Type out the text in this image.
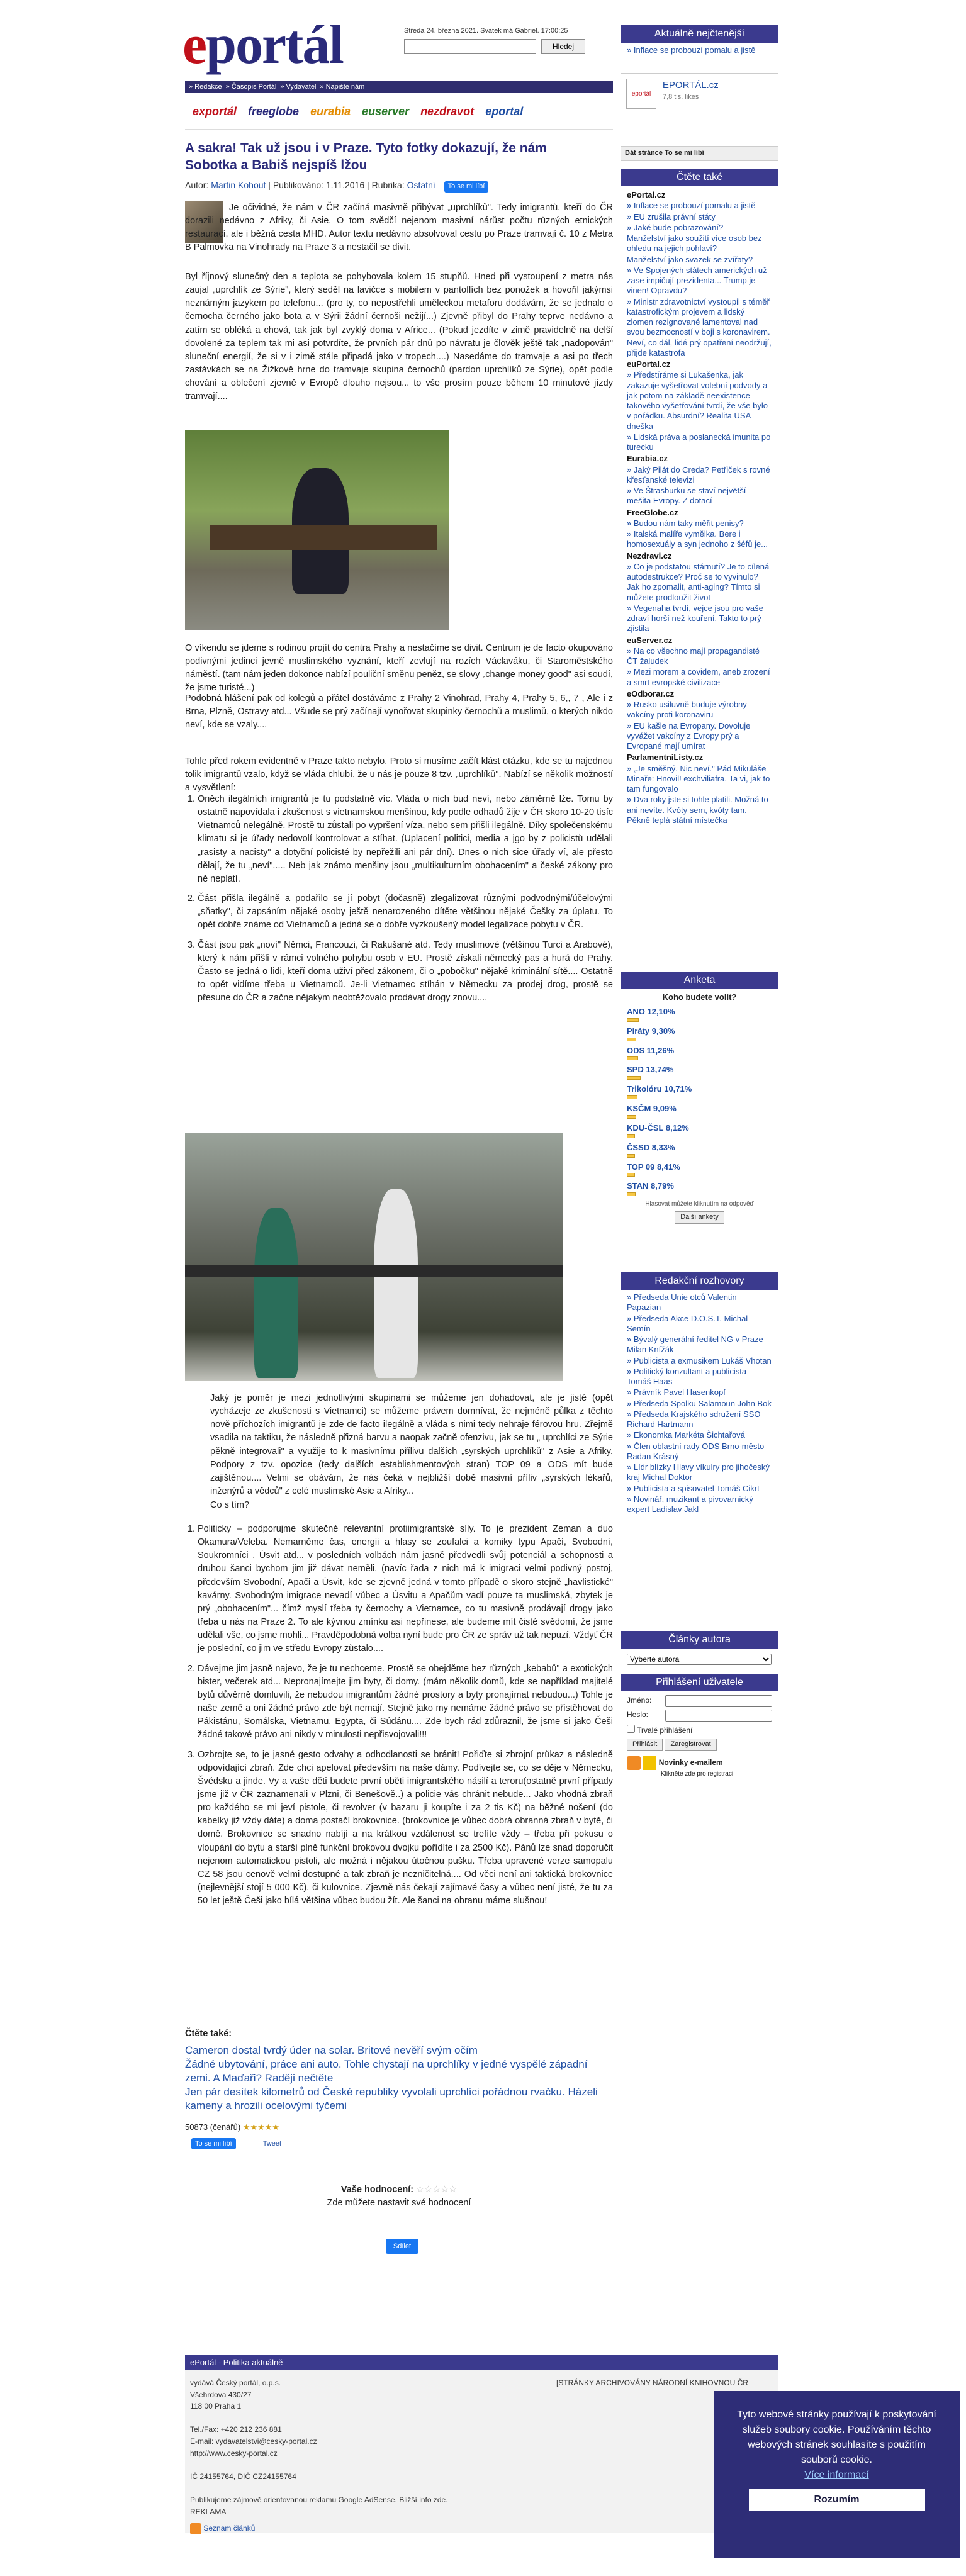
eportál	Středa 24. března 2021. Svátek má Gabriel. 17:00:25
Hledej
» Redakce » Časopis Portál » Vydavatel » Napište nám
exportál freeglobe eurabia euserver nezdravot eportal
A sakra! Tak už jsou i v Praze. Tyto fotky dokazují, že nám Sobotka a Babiš nejspíš lžou
Autor: Martin Kohout | Publikováno: 1.11.2016 | Rubrika: Ostatní To se mi líbí
Je očividné, že nám v ČR začíná masivně přibývat „uprchlíků". Tedy imigrantů, kteří do ČR dorazili nedávno z Afriky, či Asie. O tom svědčí nejenom masivní nárůst počtu různých etnických restaurací, ale i běžná cesta MHD. Autor textu nedávno absolvoval cestu po Praze tramvají č. 10 z Metra B Palmovka na Vinohrady na Praze 3 a nestačil se divit.
Byl říjnový slunečný den a teplota se pohybovala kolem 15 stupňů. Hned při vystoupení z metra nás zaujal „uprchlík ze Sýrie", který seděl na lavičce s mobilem v pantoflích bez ponožek a hovořil jakýmsi neznámým jazykem po telefonu... (pro ty, co nepostřehli uměleckou metaforu dodávám, že se jednalo o černocha černého jako bota a v Sýrii žádní černoši nežijí...) Zjevně přibyl do Prahy teprve nedávno a zatím se obléká a chová, tak jak byl zvyklý doma v Africe... (Pokud jezdíte v zimě pravidelně na delší dovolené za teplem tak mi asi potvrdíte, že prvních pár dnů po návratu je člověk ještě tak „nadopován" sluneční energií, že si v i zimě stále připadá jako v tropech....) Nasedáme do tramvaje a asi po třech zastávkách se na Žižkově hrne do tramvaje skupina černochů (pardon uprchlíků ze Sýrie), opět podle chování a oblečení zjevně v Evropě dlouho nejsou... to vše prosím pouze během 10 minutové jízdy tramvají....
O víkendu se jdeme s rodinou projít do centra Prahy a nestačíme se divit. Centrum je de facto okupováno podivnými jedinci jevně muslimského vyznání, kteří zevlují na rozích Václaváku, či Staroměstského náměstí. (tam nám jeden dokonce nabízí pouliční směnu peněz, se slovy „change money good" asi soudí, že jsme turisté...)
Podobná hlášení pak od kolegů a přátel dostáváme z Prahy 2 Vinohrad, Prahy 4, Prahy 5, 6,, 7 , Ale i z Brna, Plzně, Ostravy atd... Všude se prý začínají vynořovat skupinky černochů a muslimů, o kterých nikdo neví, kde se vzaly....
Tohle před rokem evidentně v Praze takto nebylo. Proto si musíme začít klást otázku, kde se tu najednou tolik imigrantů vzalo, když se vláda chlubí, že u nás je pouze 8 tzv. „uprchlíků". Nabízí se několik možností a vysvětlení:
1. Oněch ilegálních imigrantů je tu podstatně víc. Vláda o nich bud neví, nebo záměrně lže. Tomu by ostatně napovídala i zkušenost s vietnamskou menšinou, kdy podle odhadů žije v ČR skoro 10-20 tisíc Vietnamců nelegálně. Prostě tu zůstali po vypršení víza, nebo sem přišli ilegálně. Díky společenskému klimatu si je úřady nedovolí kontrolovat a stíhat. (Uplacení politici, media a jgo by z policistů udělali „rasisty a nacisty" a dotyční policisté by nepřežili ani pár dní). Dnes o nich sice úřady ví, ale přesto dělají, že tu „neví"..... Neb jak známo menšiny jsou „multikulturním obohacením" a české zákony pro ně neplatí.
2. Část přišla ilegálně a podařilo se jí pobyt (dočasně) zlegalizovat různými podvodnými/účelovými „sňatky", či zapsáním nějaké osoby ještě nenarozeného dítěte většinou nějaké Češky za úplatu. To opět dobře známe od Vietnamců a jedná se o dobře vyzkoušený model legalizace pobytu v ČR.
3. Část jsou pak „noví" Němci, Francouzi, či Rakušané atd. Tedy muslimové (většinou Turci a Arabové), který k nám přišli v rámci volného pohybu osob v EU. Prostě získali německý pas a hurá do Prahy. Často se jedná o lidi, kteří doma uživí před zákonem, či o „pobočku" nějaké kriminální sítě.... Ostatně to opět vidíme třeba u Vietnamců. Je-li Vietnamec stíhán v Německu za prodej drog, prostě se přesune do ČR a začne nějakým neobtěžovalo prodávat drogy znovu....
Jaký je poměr je mezi jednotlivými skupinami se můžeme jen dohadovat, ale je jisté (opět vycházeje ze zkušenosti s Vietnamci) se můžeme právem domnívat, že nejméně půlka z těchto nově příchozích imigrantů je zde de facto ilegálně a vláda s nimi tedy nehraje férovou hru. Zřejmě vsadila na taktiku, že následně přizná barvu a naopak začně ofenzivu, jak se tu „ uprchlíci ze Sýrie pěkně integrovali" a využije to k masivnímu přílivu dalších „syrských uprchlíků" z Asie a Afriky. Podpory z tzv. opozice (tedy dalších establishmentových stran) TOP 09 a ODS mít bude zajištěnou.... Velmi se obávám, že nás čeká v nejbližší době masivní příliv „syrských lékařů, inženýrů a vědců" z celé muslimské Asie a Afriky...
Co s tím?
1. Politicky – podporujme skutečné relevantní protiimigrantské síly. To je prezident Zeman a duo Okamura/Veleba. Nemarněme čas, energii a hlasy se zoufalci a komiky typu Apačí, Svobodní, Soukromníci , Úsvit atd... v posledních volbách nám jasně předvedli svůj potenciál a schopnosti a druhou šanci bychom jim již dávat neměli. (navíc řada z nich má k imigraci velmi podivný postoj, především Svobodní, Apači a Úsvit, kde se zjevně jedná v tomto případě o skoro stejně „havlistické" kavárny. Svobodným imigrace nevadí vůbec a Úsvitu a Apačům vadí pouze ta muslimská, zbytek je prý „obohacením"... čímž myslí třeba ty černochy a Vietnamce, co tu masivně prodávají drogy jako třeba u nás na Praze 2. To ale kývnou zmínku asi nepřinese, ale budeme mít čisté svědomí, že jsme udělali vše, co jsme mohli... Pravděpodobná volba nyní bude pro ČR ze správ už tak nepuzí. Vždyť ČR je poslední, co jim ve středu Evropy zůstalo....
2. Dávejme jim jasně najevo, že je tu nechceme. Prostě se obejděme bez různých „kebabů" a exotických bister, večerek atd... Nepronajímejte jim byty, či domy. (mám několik domů, kde se například majitelé bytů důvěrně domluvili, že nebudou imigrantům žádné prostory a byty pronajímat nebudou...) Tohle je naše země a oni žádné právo zde být nemají. Stejně jako my nemáme žádné právo se přistěhovat do Pákistánu, Somálska, Vietnamu, Egypta, či Súdánu.... Zde bych rád zdůraznil, že jsme si jako Češi žádné takové právo ani nikdy v minulosti nepřisvojovali!!!
3. Ozbrojte se, to je jasné gesto odvahy a odhodlanosti se bránit! Pořiďte si zbrojní průkaz a následně odpovídající zbraň. Zde chci apelovat především na naše dámy. Podívejte se, co se děje v Německu, Švédsku a jinde. Vy a vaše děti budete první oběti imigrantského násilí a teroru(ostatně první případy jsme již v ČR zaznamenali v Plzni, či Benešově..) a policie vás chránit nebude... Jako vhodná zbraň pro každého se mi jeví pistole, či revolver (v bazaru ji koupíte i za 2 tis Kč) na běžné nošení (do kabelky již vždy dáte) a doma postačí brokovnice. (brokovnice je vůbec dobrá obranná zbraň v bytě, či domě. Brokovnice se snadno nabíjí a na krátkou vzdálenost se trefíte vždy – třeba při pokusu o vloupání do bytu a starší plně funkční brokovou dvojku pořídíte i za 2500 Kč). Pánů lze snad doporučit nejenom automatickou pistoli, ale možná i nějakou útočnou pušku. Třeba upravené verze samopalu CZ 58 jsou cenově velmi dostupné a tak zbraň je nezničitelná.... Od věci není ani taktická brokovnice (nejlevnější stojí 5 000 Kč), či kulovnice. Zjevně nás čekají zajímavé časy a vůbec není jisté, že tu za 50 let ještě Češi jako bílá většina vůbec budou žít. Ale šanci na obranu máme slušnou!
Čtěte také:
Cameron dostal tvrdý úder na solar. Britové nevěří svým očím
Žádné ubytování, práce ani auto. Tohle chystají na uprchlíky v jedné vyspělé západní zemi. A Maďaři? Raději nečtěte
Jen pár desítek kilometrů od České republiky vyvolali uprchlíci pořádnou rvačku. Házeli kameny a hrozili ocelovými tyčemi
50873 (čenářů) ★★★★★
To se mi líbí	Tweet
Vaše hodnocení: ☆☆☆☆☆
Zde můžete nastavit své hodnocení
Sdílet
Aktuálně nejčtenější
» Inflace se probouzí pomalu a jistě
eportál
EPORTÁL.cz
7,8 tis. likes
Dát stránce To se mi líbí
Čtěte také
ePortal.cz
» Inflace se probouzí pomalu a jistě
» EU zrušila právní státy
» Jaké bude pobrazování?
Manželství jako soužití více osob bez ohledu na jejich pohlaví?
Manželství jako svazek se zvířaty?
» Ve Spojených státech amerických už zase impičují prezidenta... Trump je vinen! Opravdu?
» Ministr zdravotnictví vystoupil s téměř katastrofickým projevem a lidský zlomen rezignované lamentoval nad svou bezmocností v boji s koronavirem. Neví, co dál, lidé prý opatření neodržují, přijde katastrofa
euPortal.cz
» Předstíráme si Lukašenka, jak zakazuje vyšetřovat volební podvody a jak potom na základě neexistence takového vyšetřování tvrdí, že vše bylo v pořádku. Absurdní? Realita USA dneška
» Lidská práva a poslanecká imunita po turecku
Eurabia.cz
» Jaký Pilát do Creda? Petřiček s rovné křesťanské televizi
» Ve Štrasburku se staví největší mešita Evropy. Z dotací
FreeGlobe.cz
» Budou nám taky měřit penisy?
» Italská malíře vymělka. Bere i homosexuály a syn jednoho z šéfů je...
Nezdravi.cz
» Co je podstatou stárnutí? Je to cílená autodestrukce? Proč se to vyvinulo? Jak ho zpomalit, anti-aging? Tímto si můžete prodloužit život
» Vegenaha tvrdí, vejce jsou pro vaše zdraví horší než kouření. Takto to prý zjistila
euServer.cz
» Na co všechno mají propagandisté ČT žaludek
» Mezi morem a covidem, aneb zrození a smrt evropské civilizace
eOdborar.cz
» Rusko usiluvně buduje výrobny vakcíny proti koronaviru
» EU kašle na Evropany. Dovoluje vyvážet vakcíny z Evropy prý a Evropané mají umírat
ParlamentniListy.cz
» „Je směšný. Nic neví." Pád Mikuláše Minaře: Hnovil! exchviliafra. Ta vi, jak to tam fungovalo
» Dva roky jste si tohle platili. Možná to ani nevíte. Kvóty sem, kvóty tam. Pěkně teplá státní místečka
Anketa
Koho budete volit?
ANO 12,10%
Piráty 9,30%
ODS 11,26%
SPD 13,74%
Trikolóru 10,71%
KSČM 9,09%
KDU-ČSL 8,12%
ČSSD 8,33%
TOP 09 8,41%
STAN 8,79%
Hlasovat můžete kliknutím na odpověď
Další ankety
Redakční rozhovory
» Předseda Unie otců Valentin Papazian
» Předseda Akce D.O.S.T. Michal Semín
» Bývalý generální ředitel NG v Praze Milan Knížák
» Publicista a exmusikem Lukáš Vhotan
» Politický konzultant a publicista Tomáš Haas
» Právník Pavel Hasenkopf
» Předseda Spolku Salamoun John Bok
» Předseda Krajského sdružení SSO Richard Hartmann
» Ekonomka Markéta Šichtařová
» Člen oblastní rady ODS Brno-město Radan Krásný
» Lídr blízky Hlavy víkulry pro jihočeský kraj Michal Doktor
» Publicista a spisovatel Tomáš Cikrt
» Novinář, muzikant a pivovarnický expert Ladislav Jakl
Články autora
Vyberte autora
Přihlášení uživatele
Jméno:
Heslo:
Trvalé přihlášení
Přihlásit Zaregistrovat
Novinky e-mailem
Klikněte zde pro registraci
ePortál - Politika aktuálně
vydává Český portál, o.p.s.
Všehrdova 430/27
118 00 Praha 1

Tel./Fax: +420 212 236 881
E-mail: vydavatelstvi@cesky-portal.cz
http://www.cesky-portal.cz

IČ 24155764, DIČ CZ24155764

Publikujeme zájmově orientovanou reklamu Google AdSense. Bližší info zde.
REKLAMA
[STRÁNKY ARCHIVOVÁNY NÁRODNÍ KNIHOVNOU ČR
Seznam článků
Tyto webové stránky používají k poskytování služeb soubory cookie. Používáním těchto webových stránek souhlasíte s použitím souborů cookie.
Více informací
Rozumím
